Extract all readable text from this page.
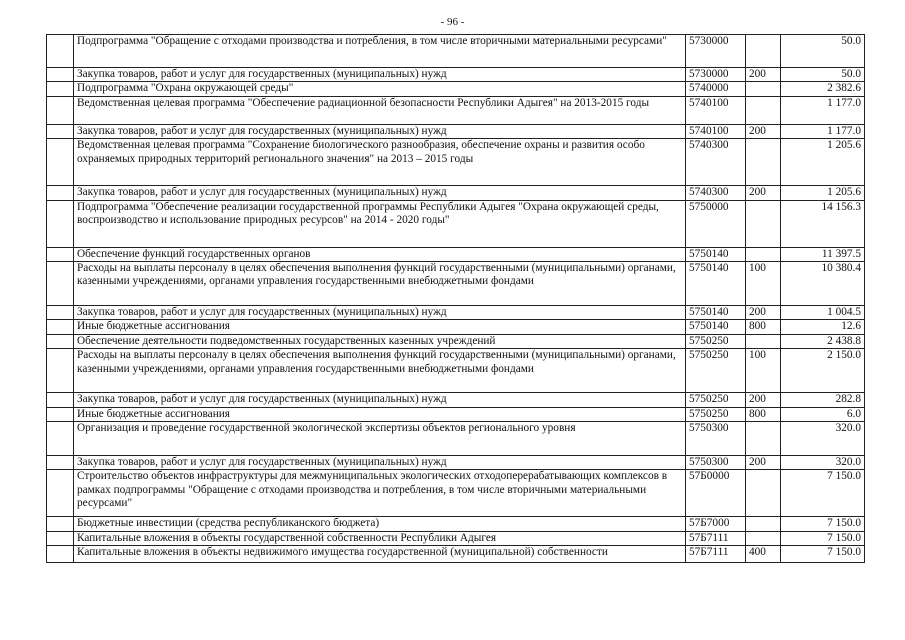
- 96 -
	Подпрограмма "Обращение с отходами производства и потребления, в том числе вторичными материальными ресурсами"	5730000		50.0
	Закупка товаров, работ и услуг для государственных (муниципальных) нужд	5730000	200	50.0
	Подпрограмма "Охрана окружающей среды"	5740000		2 382.6
	Ведомственная целевая программа "Обеспечение радиационной безопасности Республики Адыгея" на 2013-2015 годы	5740100		1 177.0
	Закупка товаров, работ и услуг для государственных (муниципальных) нужд	5740100	200	1 177.0
	Ведомственная целевая программа "Сохранение биологического разнообразия, обеспечение охраны и развития особо охраняемых природных территорий регионального значения" на 2013 – 2015 годы	5740300		1 205.6
	Закупка товаров, работ и услуг для государственных (муниципальных) нужд	5740300	200	1 205.6
	Подпрограмма "Обеспечение реализации государственной программы Республики Адыгея "Охрана окружающей среды, воспроизводство и использование природных ресурсов" на 2014 - 2020 годы"	5750000		14 156.3
	Обеспечение функций государственных органов	5750140		11 397.5
	Расходы на выплаты персоналу в целях обеспечения выполнения функций государственными (муниципальными) органами, казенными учреждениями, органами управления государственными внебюджетными фондами	5750140	100	10 380.4
	Закупка товаров, работ и услуг для государственных (муниципальных) нужд	5750140	200	1 004.5
	Иные бюджетные ассигнования	5750140	800	12.6
	Обеспечение деятельности подведомственных государственных казенных учреждений	5750250		2 438.8
	Расходы на выплаты персоналу в целях обеспечения выполнения функций государственными (муниципальными) органами, казенными учреждениями, органами управления государственными внебюджетными фондами	5750250	100	2 150.0
	Закупка товаров, работ и услуг для государственных (муниципальных) нужд	5750250	200	282.8
	Иные бюджетные ассигнования	5750250	800	6.0
	Организация и проведение государственной экологической экспертизы объектов регионального уровня	5750300		320.0
	Закупка товаров, работ и услуг для государственных (муниципальных) нужд	5750300	200	320.0
	Строительство объектов инфраструктуры для межмуниципальных экологических отходоперерабатывающих комплексов в рамках подпрограммы "Обращение с отходами производства и потребления, в том числе вторичными материальными ресурсами"	57Б0000		7 150.0
	Бюджетные инвестиции (средства республиканского бюджета)	57Б7000		7 150.0
	Капитальные вложения в объекты государственной собственности Республики Адыгея	57Б7111		7 150.0
	Капитальные вложения в объекты недвижимого имущества государственной (муниципальной) собственности	57Б7111	400	7 150.0
